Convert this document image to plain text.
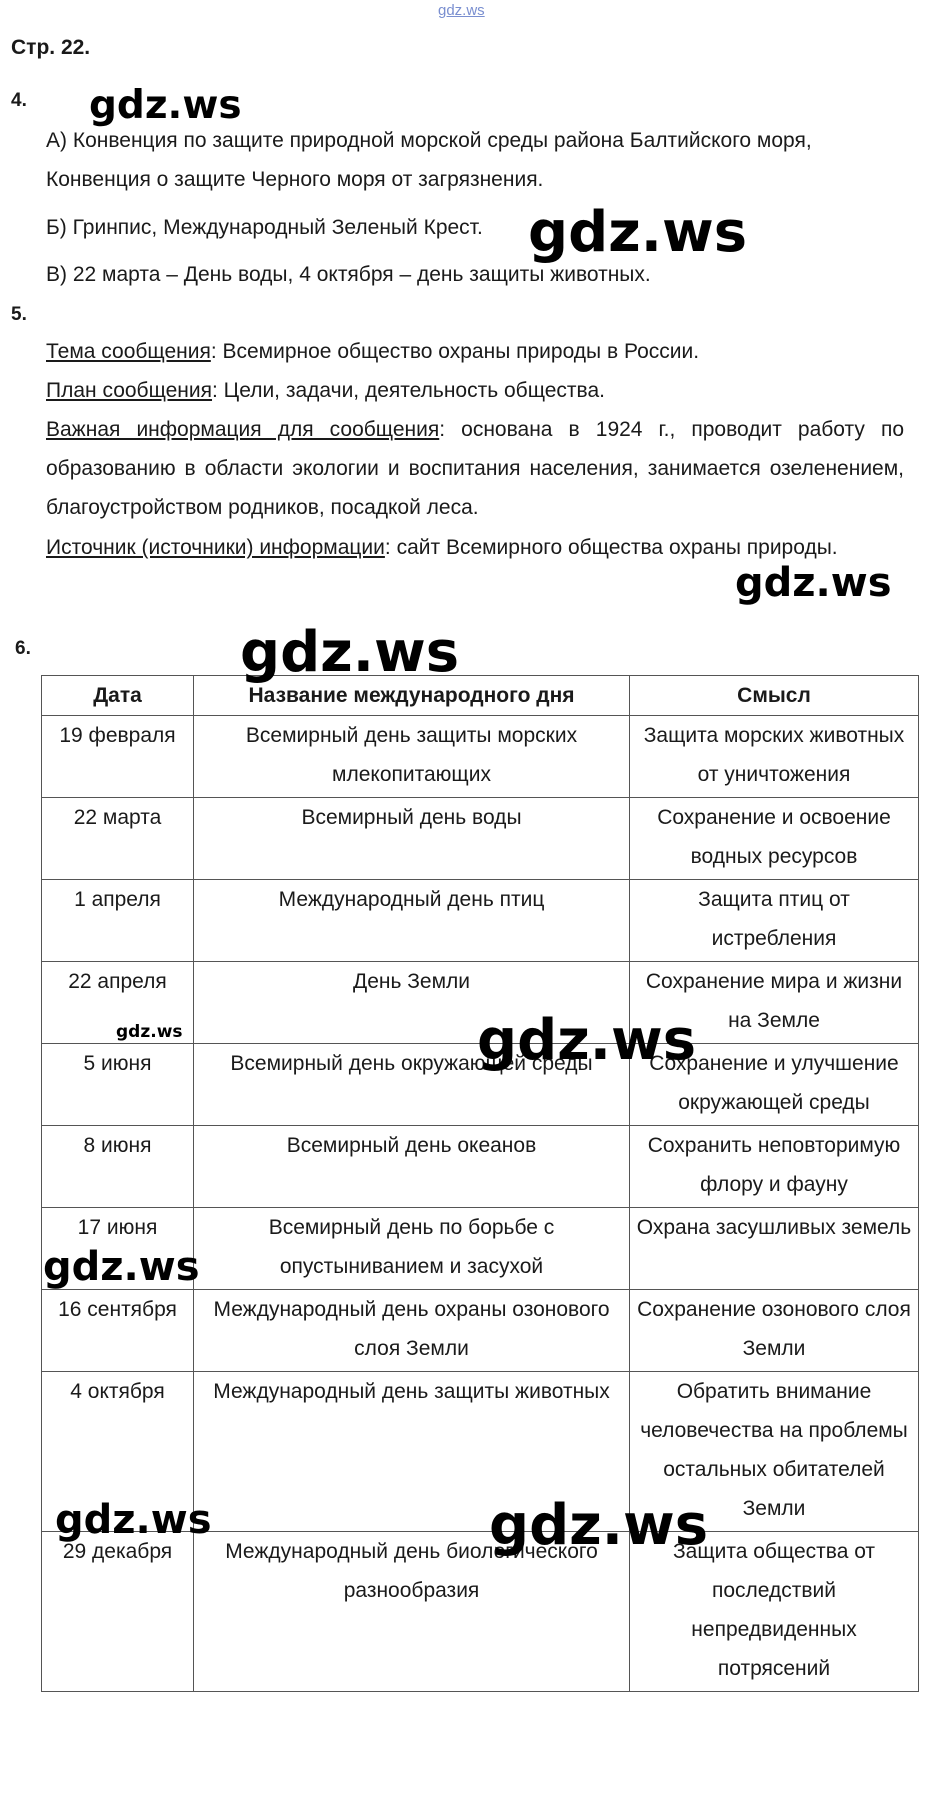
gdz.ws
Стр. 22.
4.
А) Конвенция по защите природной морской среды района Балтийского моря,
Конвенция о защите Черного моря от загрязнения.
Б) Гринпис, Международный Зеленый Крест.
В) 22 марта – День воды, 4 октября – день защиты животных.
5.
Тема сообщения: Всемирное общество охраны природы в России.
План сообщения: Цели, задачи, деятельность общества.
Важная информация для сообщения: основана в 1924 г., проводит работу по образованию в области экологии и воспитания населения, занимается озеленением, благоустройством родников, посадкой леса.
Источник (источники) информации: сайт Всемирного общества охраны природы.
6.
Дата	Название международного дня	Смысл
19 февраля	Всемирный день защиты морских млекопитающих	Защита морских животных от уничтожения
22 марта	Всемирный день воды	Сохранение и освоение водных ресурсов
1 апреля	Международный день птиц	Защита птиц от истребления
22 апреля	День Земли	Сохранение мира и жизни на Земле
5 июня	Всемирный день окружающей среды	Сохранение и улучшение окружающей среды
8 июня	Всемирный день океанов	Сохранить неповторимую флору и фауну
17 июня	Всемирный день по борьбе с опустыниванием и засухой	Охрана засушливых земель
16 сентября	Международный день охраны озонового слоя Земли	Сохранение озонового слоя Земли
4 октября	Международный день защиты животных	Обратить внимание человечества на проблемы остальных обитателей Земли
29 декабря	Международный день биологического разнообразия	Защита общества от последствий непредвиденных потрясений
gdz.ws
gdz.ws
gdz.ws
gdz.ws
gdz.ws	gdz.ws
gdz.ws
gdz.ws	gdz.ws
